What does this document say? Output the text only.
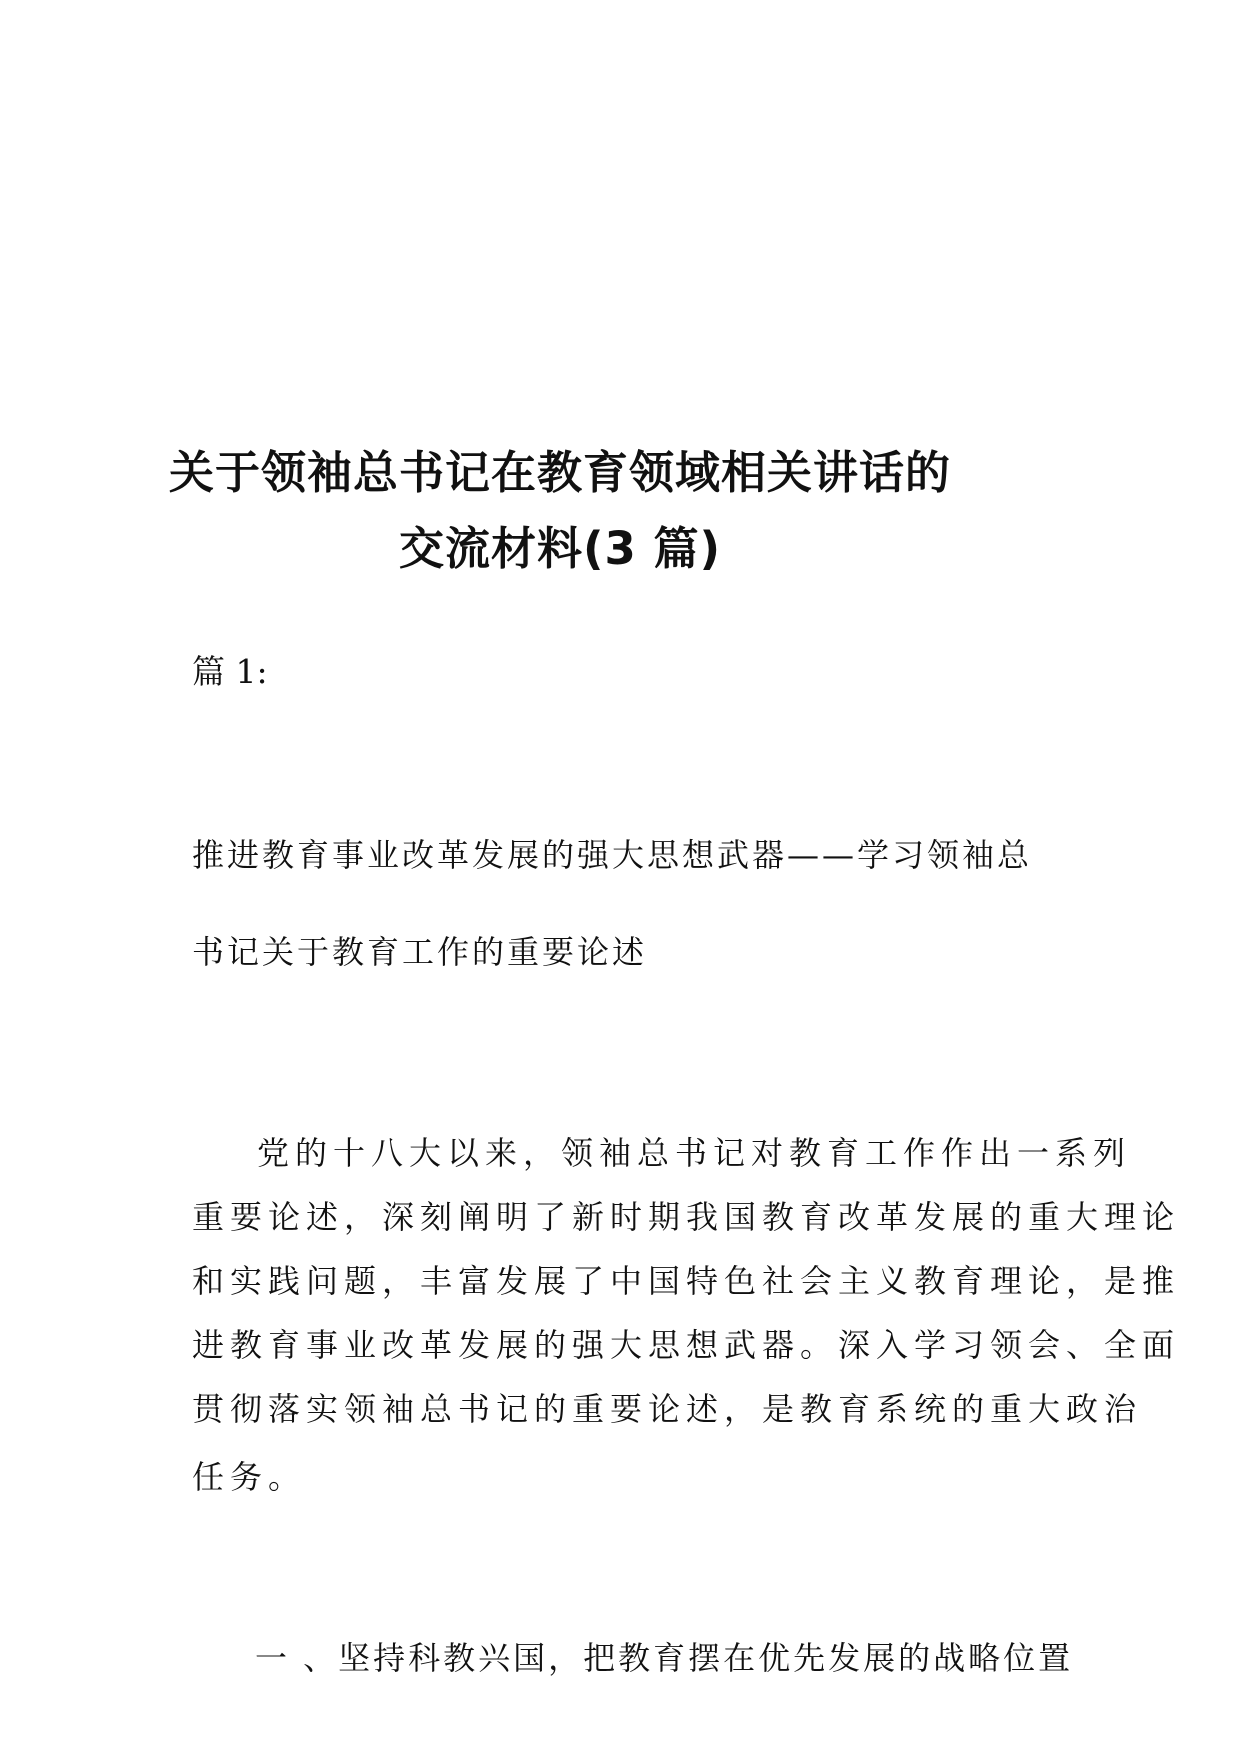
关于领袖总书记在教育领域相关讲话的
交流材料(3 篇)

篇 1:

推进教育事业改革发展的强大思想武器——学习领袖总

书记关于教育工作的重要论述

党的十八大以来，领袖总书记对教育工作作出一系列
重要论述，深刻阐明了新时期我国教育改革发展的重大理论
和实践问题，丰富发展了中国特色社会主义教育理论，是推
进教育事业改革发展的强大思想武器。深入学习领会、全面
贯彻落实领袖总书记的重要论述，是教育系统的重大政治
任务。
一 、坚持科教兴国，把教育摆在优先发展的战略位置
